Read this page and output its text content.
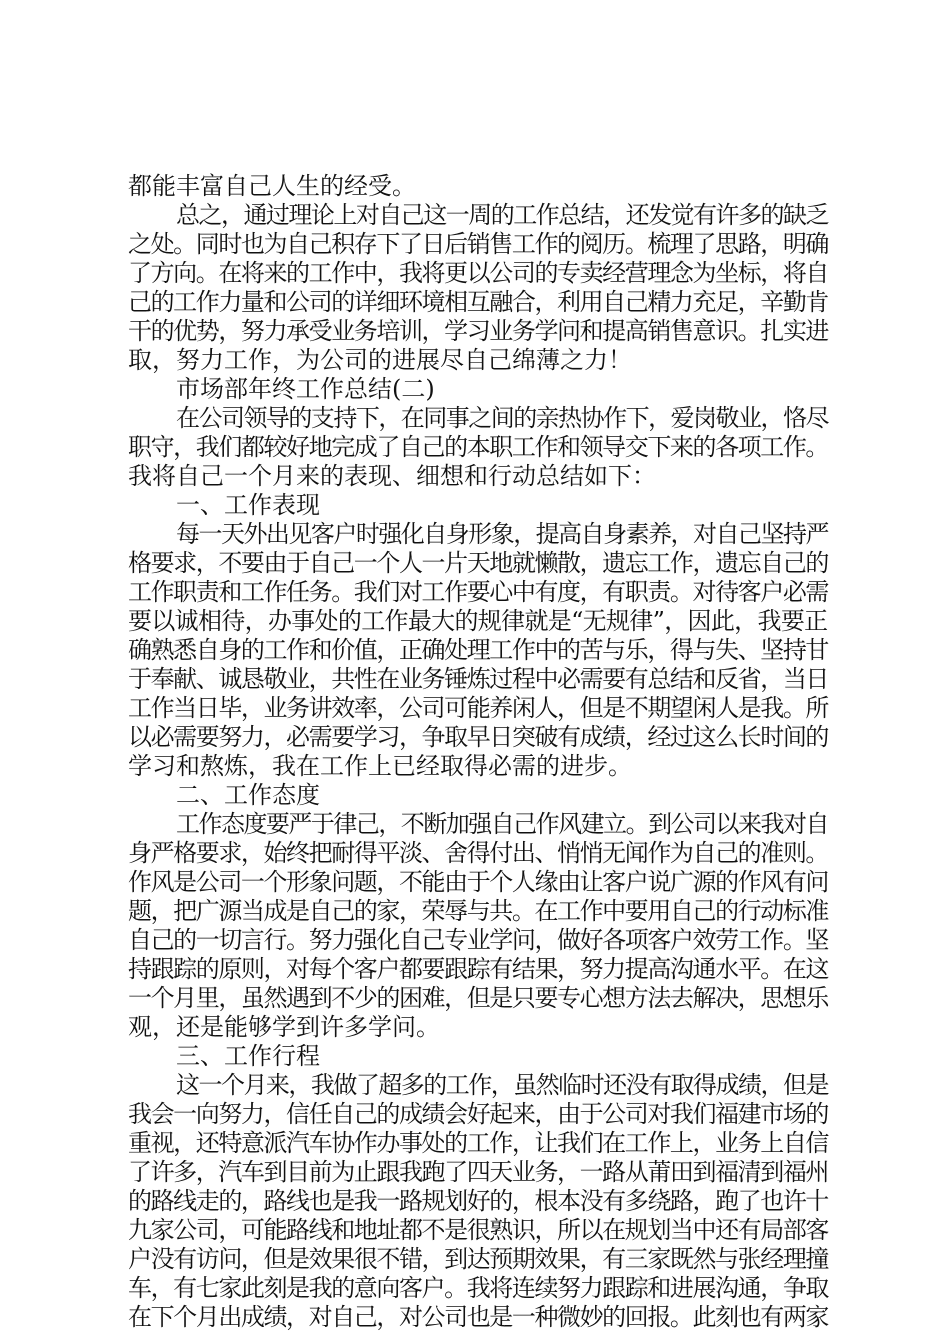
都能丰富自己人生的经受。

总之，通过理论上对自己这一周的工作总结，还发觉有许多的缺乏

之处。同时也为自己积存下了日后销售工作的阅历。梳理了思路，明确

了方向。在将来的工作中，我将更以公司的专卖经营理念为坐标，将自

己的工作力量和公司的详细环境相互融合，利用自己精力充足，辛勤肯

干的优势，努力承受业务培训，学习业务学问和提高销售意识。扎实进

取，努力工作，为公司的进展尽自己绵薄之力！

市场部年终工作总结(二)

在公司领导的支持下，在同事之间的亲热协作下，爱岗敬业，恪尽

职守，我们都较好地完成了自己的本职工作和领导交下来的各项工作。

我将自己一个月来的表现、细想和行动总结如下：

一、工作表现

每一天外出见客户时强化自身形象，提高自身素养，对自己坚持严

格要求，不要由于自己一个人一片天地就懒散，遗忘工作，遗忘自己的

工作职责和工作任务。我们对工作要心中有度，有职责。对待客户必需

要以诚相待，办事处的工作最大的规律就是“无规律”，因此，我要正

确熟悉自身的工作和价值，正确处理工作中的苦与乐，得与失、坚持甘

于奉献、诚恳敬业，共性在业务锤炼过程中必需要有总结和反省，当日

工作当日毕，业务讲效率，公司可能养闲人，但是不期望闲人是我。所

以必需要努力，必需要学习，争取早日突破有成绩，经过这么长时间的

学习和熬炼，我在工作上已经取得必需的进步。

二、工作态度

工作态度要严于律己，不断加强自己作风建立。到公司以来我对自

身严格要求，始终把耐得平淡、舍得付出、悄悄无闻作为自己的准则。

作风是公司一个形象问题，不能由于个人缘由让客户说广源的作风有问

题，把广源当成是自己的家，荣辱与共。在工作中要用自己的行动标准

自己的一切言行。努力强化自己专业学问，做好各项客户效劳工作。坚

持跟踪的原则，对每个客户都要跟踪有结果，努力提高沟通水平。在这

一个月里，虽然遇到不少的困难，但是只要专心想方法去解决，思想乐

观，还是能够学到许多学问。

三、工作行程

这一个月来，我做了超多的工作，虽然临时还没有取得成绩，但是

我会一向努力，信任自己的成绩会好起来，由于公司对我们福建市场的

重视，还特意派汽车协作办事处的工作，让我们在工作上，业务上自信

了许多，汽车到目前为止跟我跑了四天业务，一路从莆田到福清到福州

的路线走的，路线也是我一路规划好的，根本没有多绕路，跑了也许十

九家公司，可能路线和地址都不是很熟识，所以在规划当中还有局部客

户没有访问，但是效果很不错，到达预期效果，有三家既然与张经理撞

车，有七家此刻是我的意向客户。我将连续努力跟踪和进展沟通，争取

在下个月出成绩，对自己，对公司也是一种微妙的回报。此刻也有两家
